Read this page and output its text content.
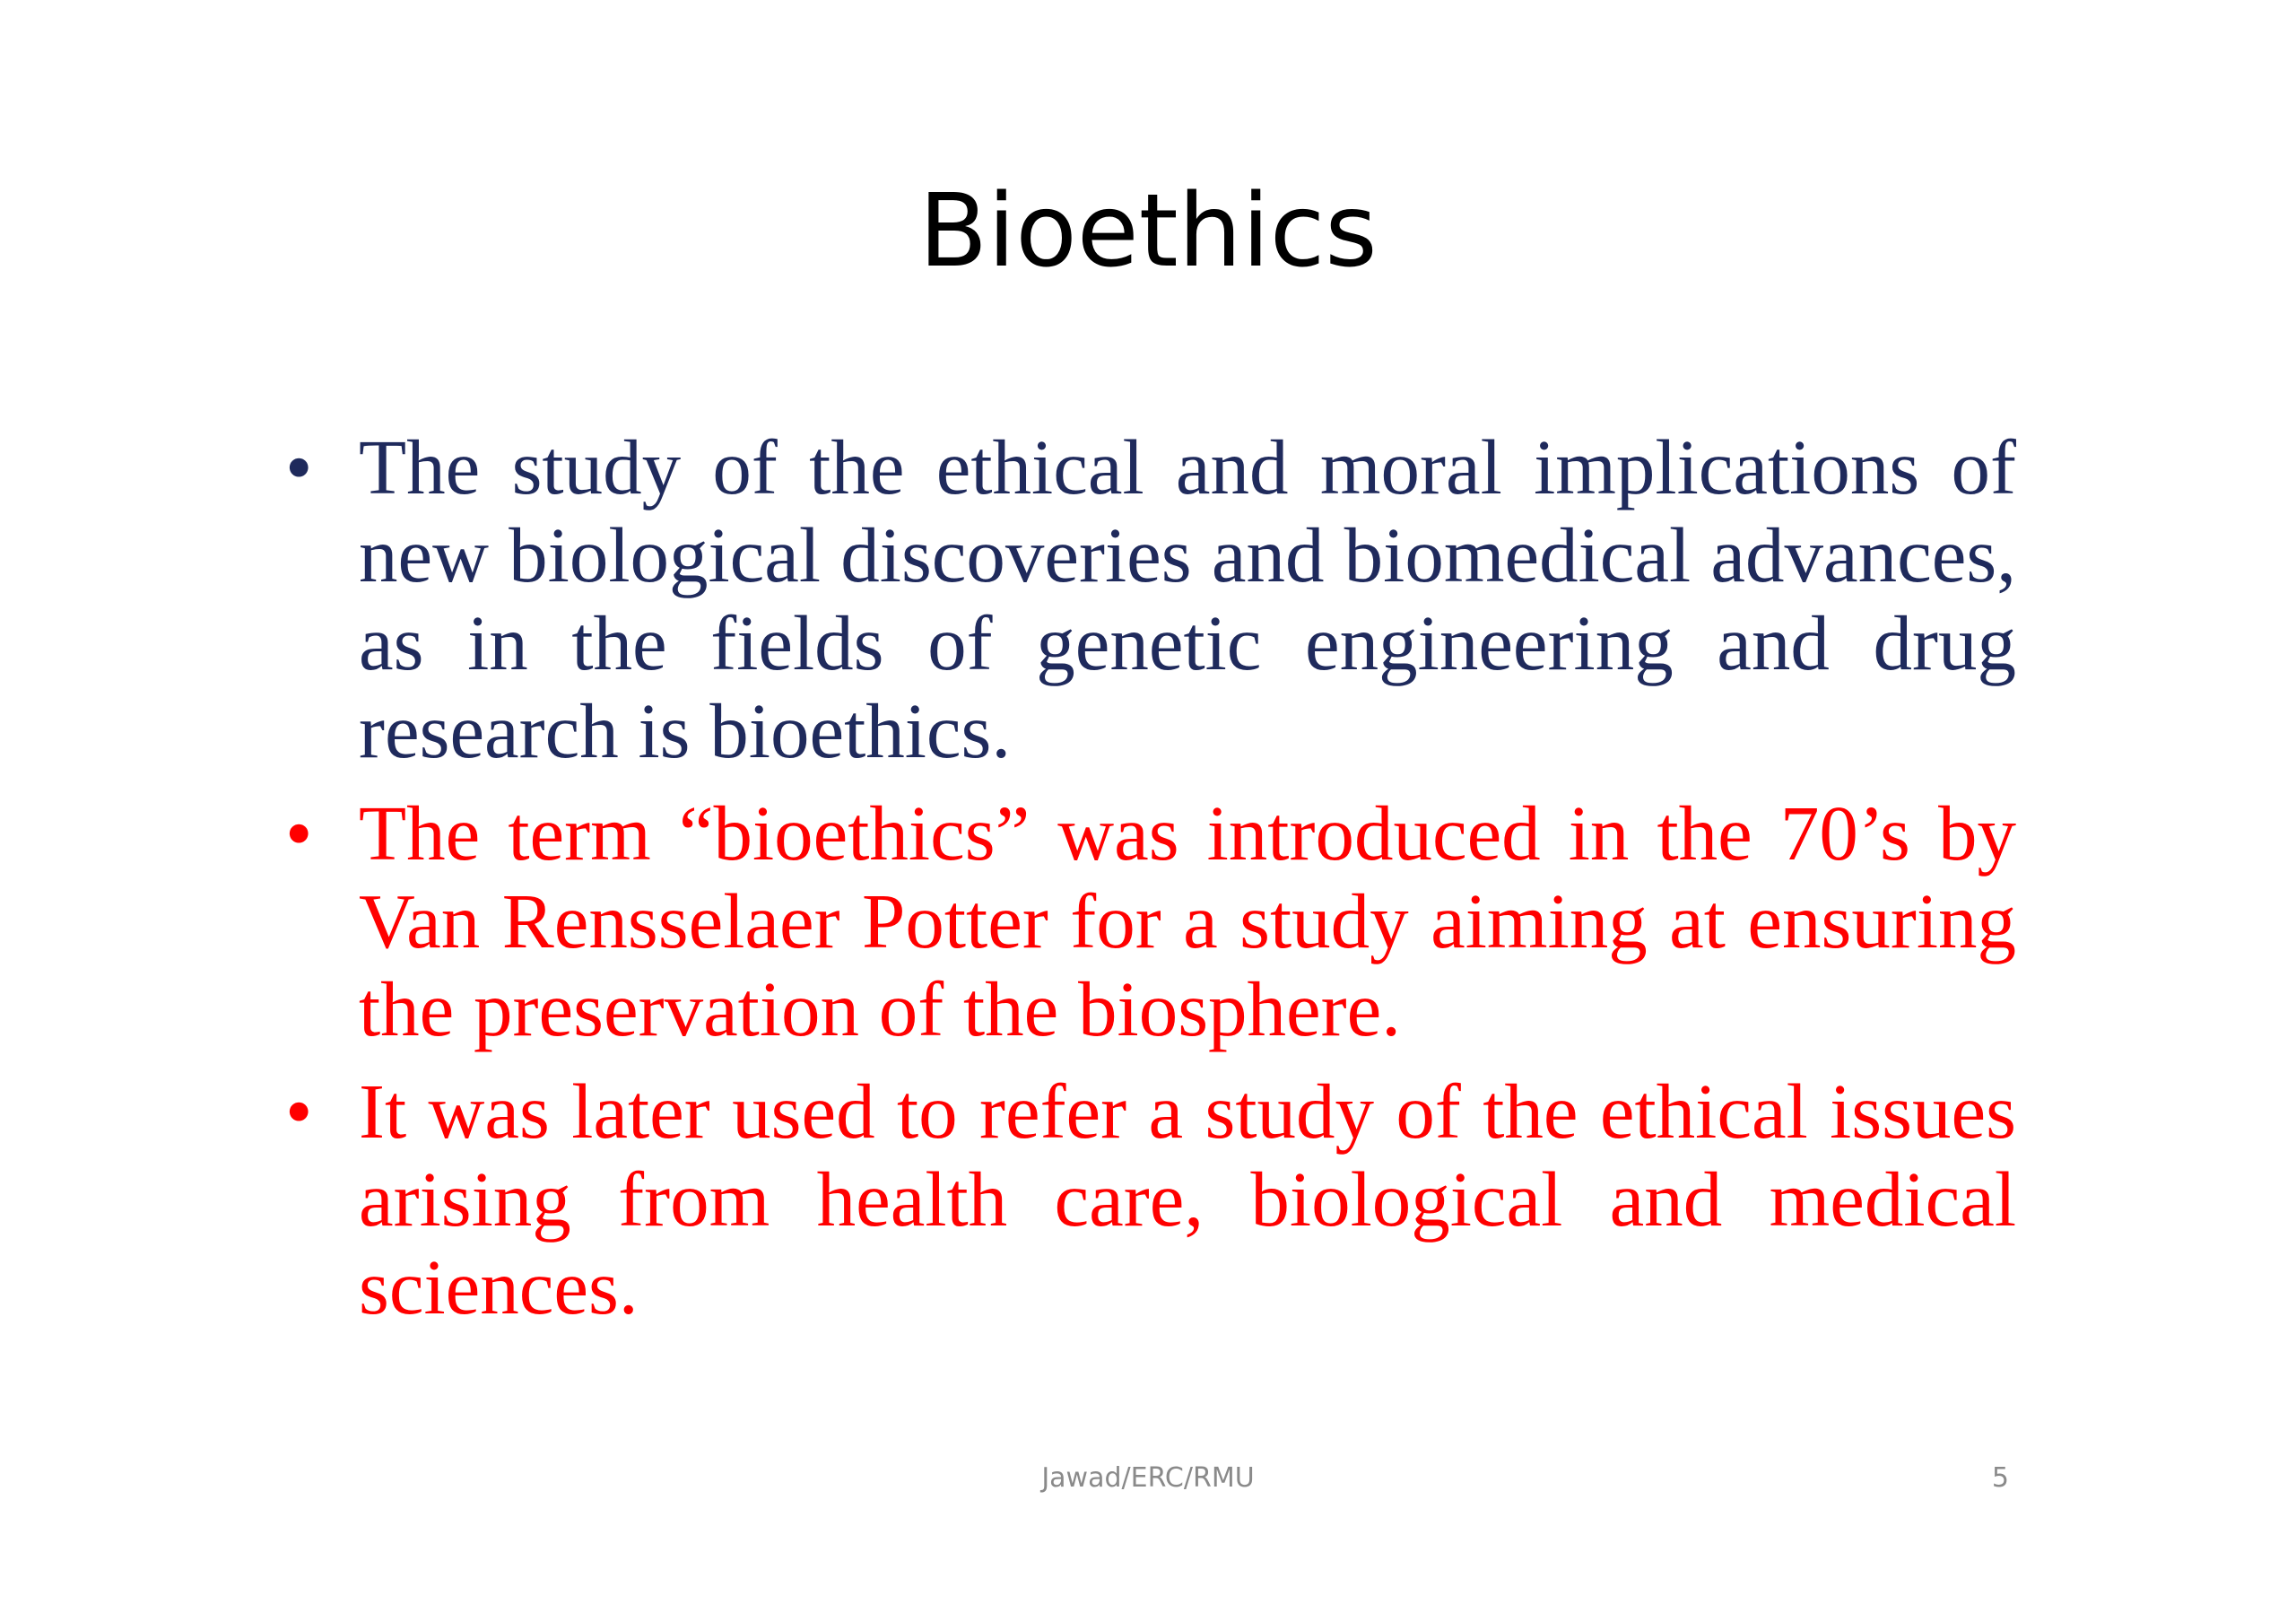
Bioethics
• The study of the ethical and moral implications of new biological discoveries and biomedical advances, as in the fields of genetic engineering and drug research is bioethics.
• The term “bioethics” was introduced in the 70’s by Van Rensselaer Potter for a study aiming at ensuring the preservation of the biosphere.
• It was later used to refer a study of the ethical issues arising from health care, biological and medical sciences.
Jawad/ERC/RMU	5
